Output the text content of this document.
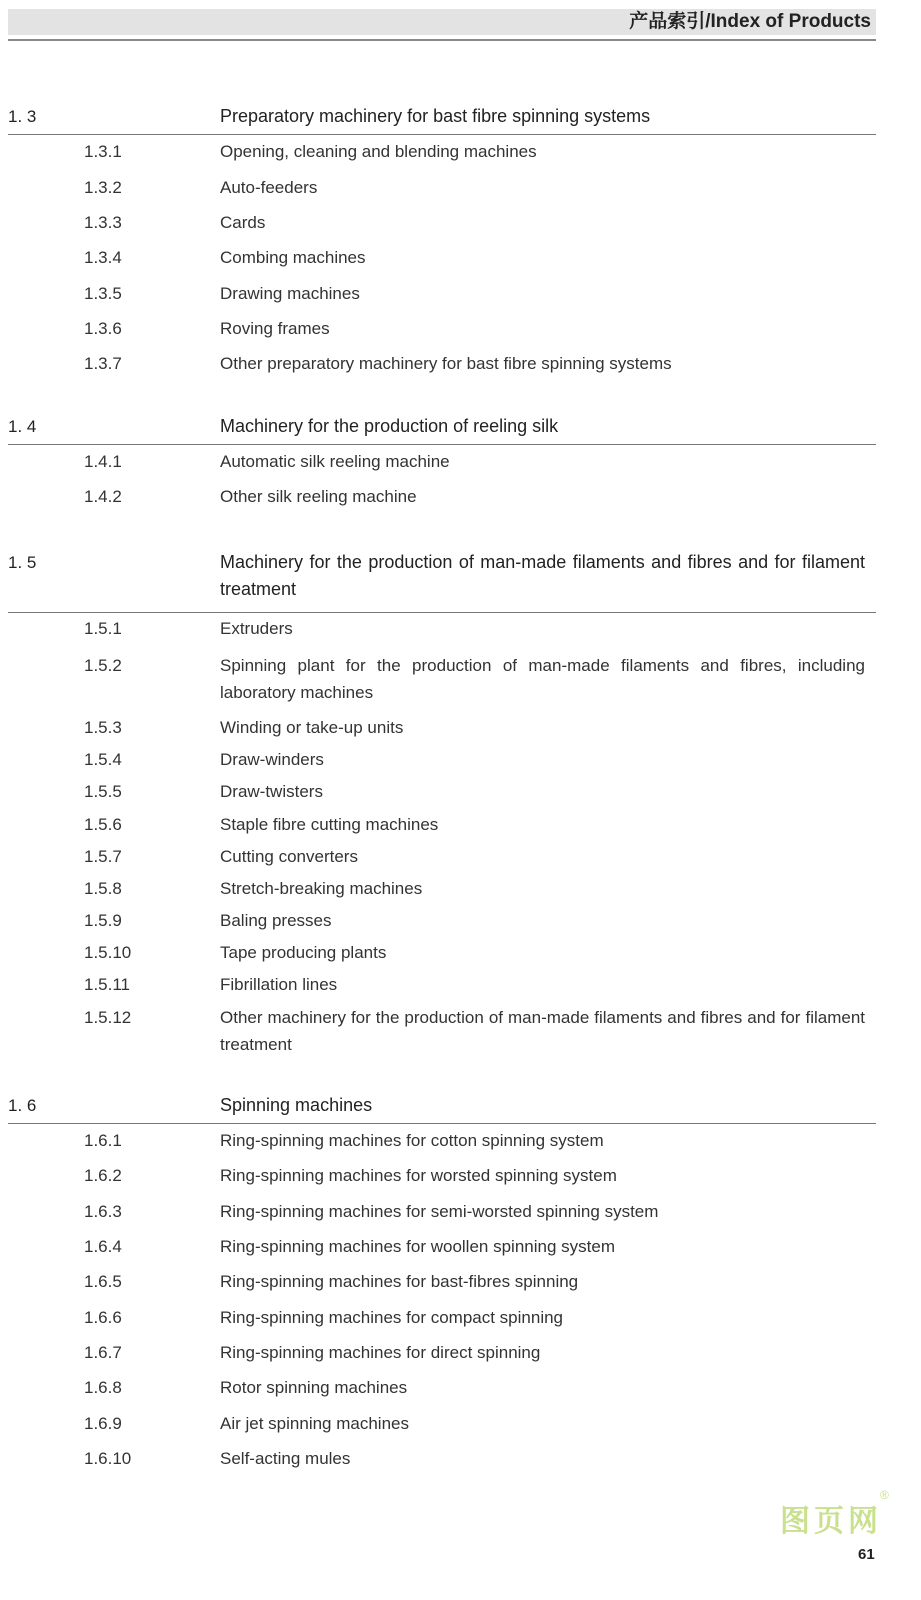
产品索引/Index of Products
1. 3	Preparatory machinery for bast fibre spinning systems
1.3.1	Opening, cleaning and blending machines
1.3.2	Auto-feeders
1.3.3	Cards
1.3.4	Combing machines
1.3.5	Drawing machines
1.3.6	Roving frames
1.3.7	Other preparatory machinery for bast fibre spinning systems
1. 4	Machinery for the production of reeling silk
1.4.1	Automatic silk reeling machine
1.4.2	Other silk reeling machine
1. 5	Machinery for the production of man-made filaments and fibres and for filament treatment
1.5.1	Extruders
1.5.2	Spinning plant for the production of man-made filaments and fibres, including laboratory machines
1.5.3	Winding or take-up units
1.5.4	Draw-winders
1.5.5	Draw-twisters
1.5.6	Staple fibre cutting machines
1.5.7	Cutting converters
1.5.8	Stretch-breaking machines
1.5.9	Baling presses
1.5.10	Tape producing plants
1.5.11	Fibrillation lines
1.5.12	Other machinery for the production of man-made filaments and fibres and for filament treatment
1. 6	Spinning machines
1.6.1	Ring-spinning machines for cotton spinning system
1.6.2	Ring-spinning machines for worsted spinning system
1.6.3	Ring-spinning machines for semi-worsted spinning system
1.6.4	Ring-spinning machines for woollen spinning system
1.6.5	Ring-spinning machines for bast-fibres spinning
1.6.6	Ring-spinning machines for compact spinning
1.6.7	Ring-spinning machines for direct spinning
1.6.8	Rotor spinning machines
1.6.9	Air jet spinning machines
1.6.10	Self-acting mules
图页网
®
61
